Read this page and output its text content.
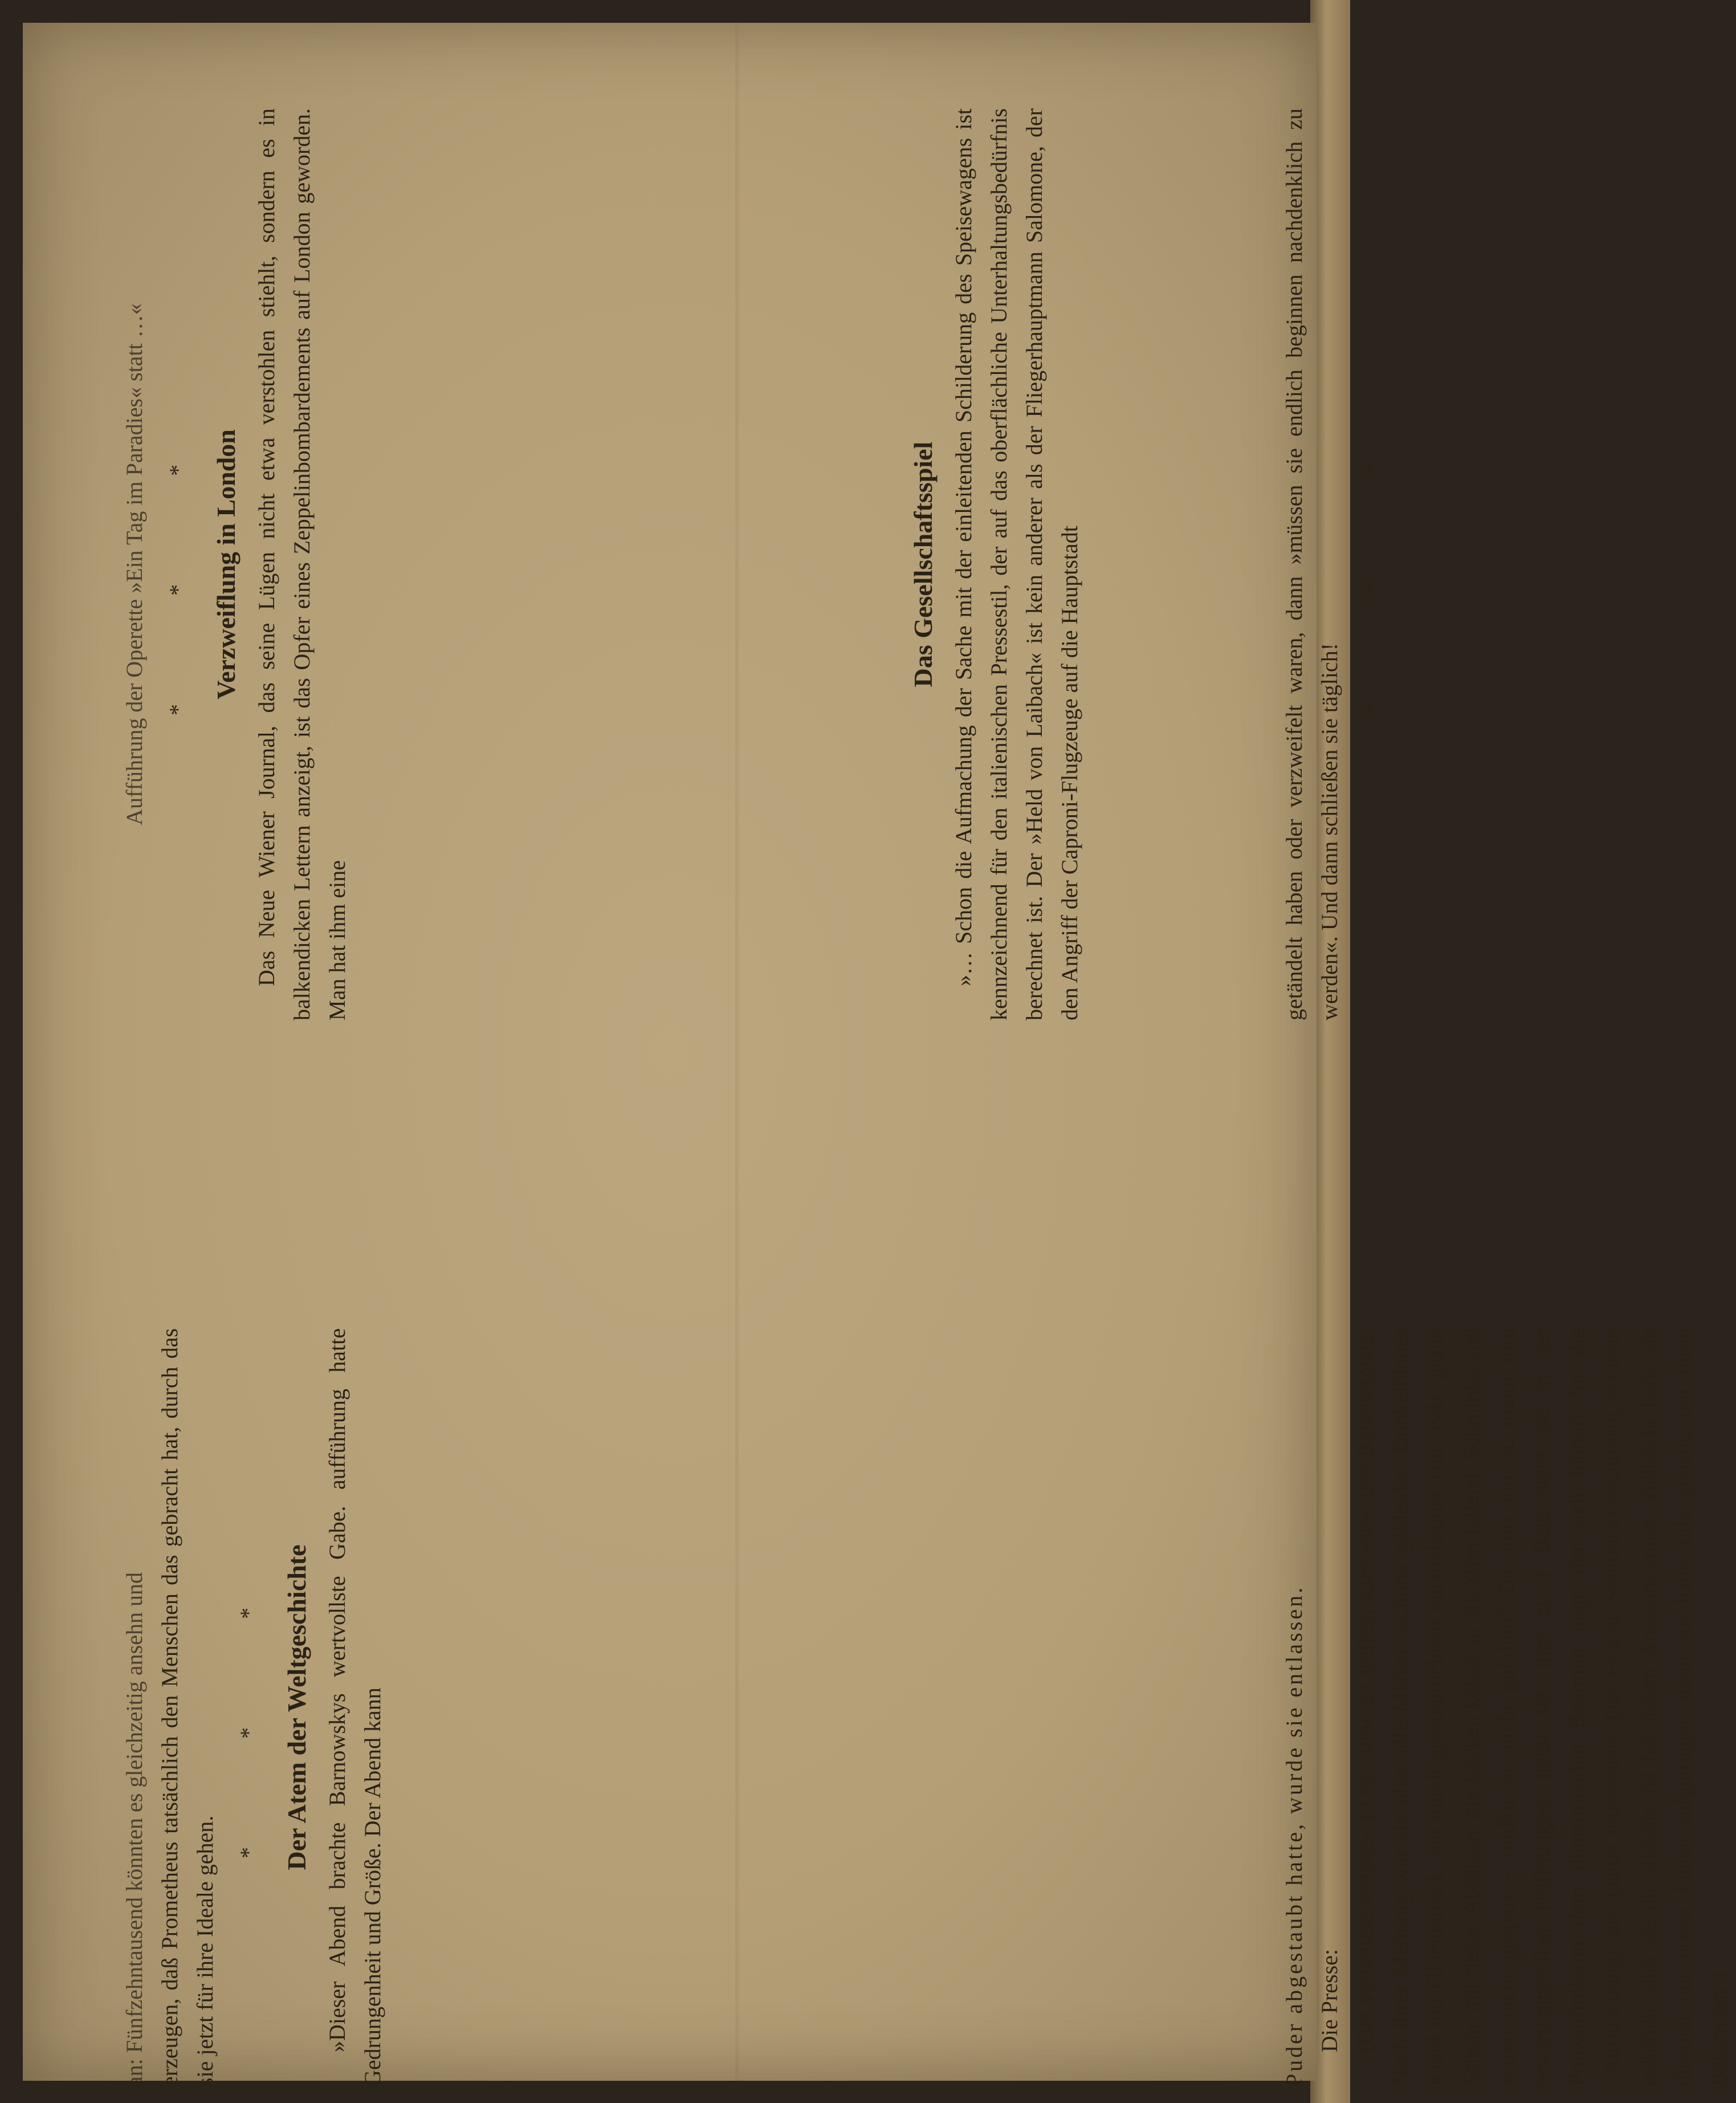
getändelt haben oder verzweifelt waren, dann »müssen sie endlich beginnen nachdenklich zu werden«. Und dann schließen sie täglich!

* * *
Das Gesellschaftsspiel »… Schon die Aufmachung der Sache mit der einleitenden Schilderung des Speisewagens ist kennzeichnend für den italienischen Pressestil, der auf das oberflächliche Unterhaltungsbedürfnis berechnet ist. Der »Held von Laibach« ist kein anderer als der Fliegerhauptmann Salomone, der den Angriff der Caproni-Flugzeuge auf die Hauptstadt

Aufführung der Operette »Ein Tag im Paradies« statt …« * * * Verzweiflung in London Das Neue Wiener Journal, das seine Lügen nicht etwa verstohlen stiehlt, sondern es in balkendicken Lettern anzeigt, ist das Opfer eines Zeppelinbombardements auf London geworden. Man hat ihm eine

Puder abgestaubt hatte, wurde sie entlassen. Die Presse: (Die verhaftete »Mode«.) Um »ihn« zu treffen, kam »sie« den Bahnhofplatz. Nach ihrer Meinung war sie über alle Maßen »schön« gekleidet: Dunkelblaues Kleid mit Glockenrock, ein durch gewöhnlichkeit entzückender Hut, Pelz, graue Schuhe mit riesen Absätzen, die Locken kokett in die Stirn fallend, Schminke und waren nicht gespart – mußte sie nicht gefallen? Da stört ein Sc mann ihre erwartungsvollen Hoffnungen, heißt sie, ihm zu f Bald steht sie in der Polizeidirektion dem diensttuenden Beamten gege der sich lebhaft für die »Aufmachung« der Dame interessiert. Das Fr eine Schmuckverkäuferin, erklärte gekränkt, daß sie die gleiche Kl bei jedem Ausgang trage; vielleicht habe sie diesmal nur etwas Puder aufgetragen, denn sie habe Eile gehabt, um ihren Bekannten n

an: Fünfzehntausend könnten es gleichzeitig ansehn und erzeugen, daß Prometheus tatsächlich den Menschen das gebracht hat, durch das sie jetzt für ihre Ideale gehen.

* * * Der Atem der Weltgeschichte »Dieser Abend brachte Barnowskys wertvollste Gabe. aufführung hatte Gedrungenheit und Größe. Der Abend kann
